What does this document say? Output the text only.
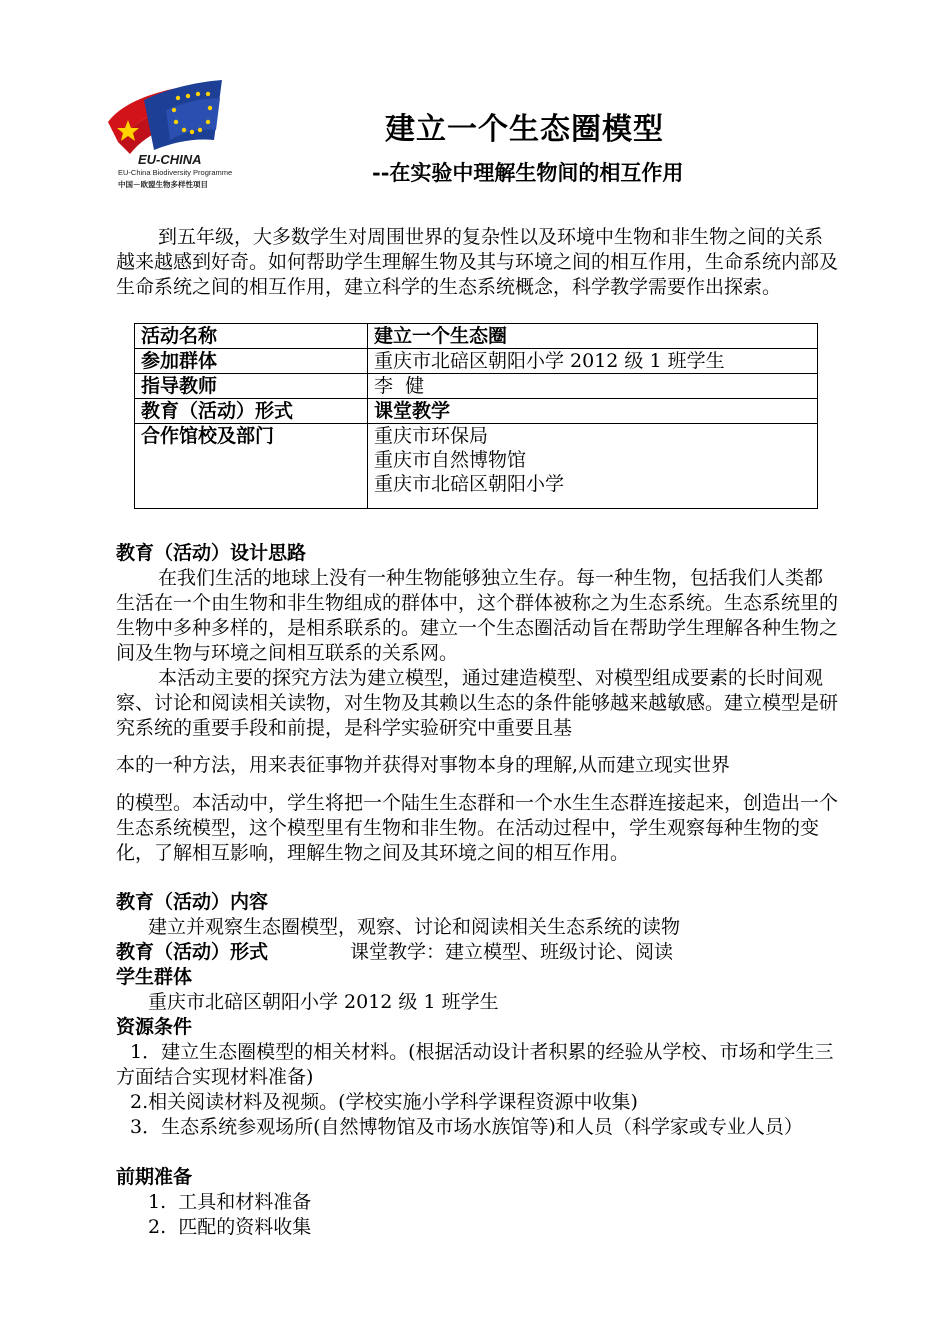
EU-CHINA
EU-China Biodiversity Programme
中国－欧盟生物多样性项目
建立一个生态圈模型
--在实验中理解生物间的相互作用
到五年级，大多数学生对周围世界的复杂性以及环境中生物和非生物之间的关系越来越感到好奇。如何帮助学生理解生物及其与环境之间的相互作用，生命系统内部及生命系统之间的相互作用，建立科学的生态系统概念，科学教学需要作出探索。
活动名称	建立一个生态圈
参加群体	重庆市北碚区朝阳小学 2012 级 1 班学生
指导教师	李  健
教育（活动）形式	课堂教学
合作馆校及部门	重庆市环保局
重庆市自然博物馆
重庆市北碚区朝阳小学
教育（活动）设计思路
在我们生活的地球上没有一种生物能够独立生存。每一种生物，包括我们人类都生活在一个由生物和非生物组成的群体中，这个群体被称之为生态系统。生态系统里的生物中多种多样的，是相系联系的。建立一个生态圈活动旨在帮助学生理解各种生物之间及生物与环境之间相互联系的关系网。
本活动主要的探究方法为建立模型，通过建造模型、对模型组成要素的长时间观察、讨论和阅读相关读物，对生物及其赖以生态的条件能够越来越敏感。建立模型是研究系统的重要手段和前提，是科学实验研究中重要且基
本的一种方法，用来表征事物并获得对事物本身的理解,从而建立现实世界
的模型。本活动中，学生将把一个陆生生态群和一个水生生态群连接起来，创造出一个生态系统模型，这个模型里有生物和非生物。在活动过程中，学生观察每种生物的变化，了解相互影响，理解生物之间及其环境之间的相互作用。
教育（活动）内容
建立并观察生态圈模型，观察、讨论和阅读相关生态系统的读物
教育（活动）形式	课堂教学：建立模型、班级讨论、阅读
学生群体
重庆市北碚区朝阳小学 2012 级 1 班学生
资源条件
1．建立生态圈模型的相关材料。(根据活动设计者积累的经验从学校、市场和学生三方面结合实现材料准备)
2.相关阅读材料及视频。(学校实施小学科学课程资源中收集)
3．生态系统参观场所(自然博物馆及市场水族馆等)和人员（科学家或专业人员）
前期准备
1.  工具和材料准备
2.  匹配的资料收集
